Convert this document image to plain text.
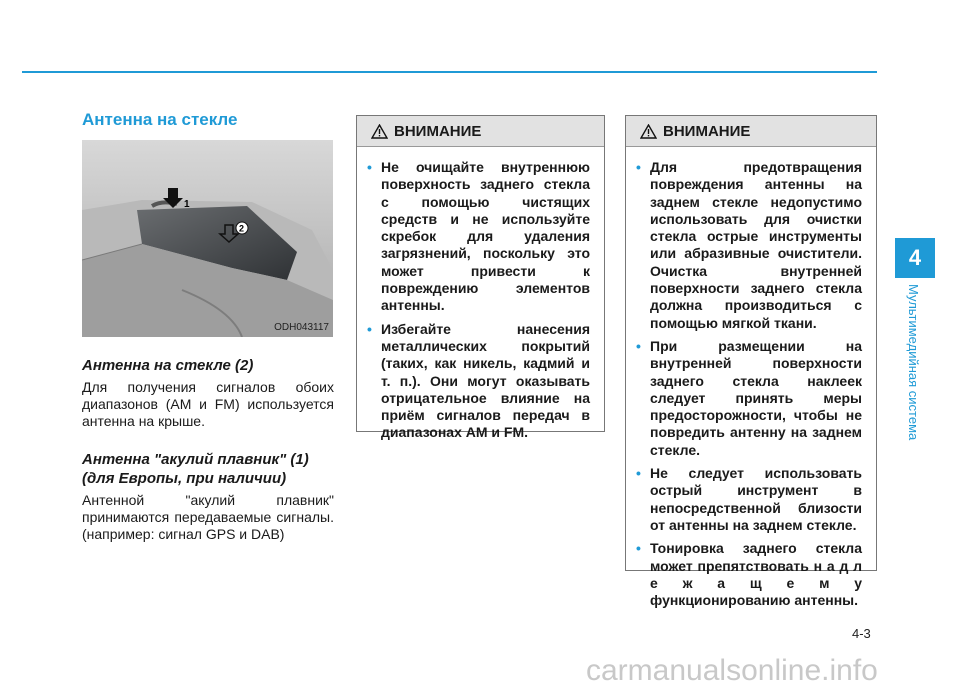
Антенна на стекле
2
1
ODH043117
Антенна на стекле (2)
Для получения сигналов обоих диапазонов (AM и FM) используется антенна на крыше.
Антенна "акулий плавник" (1) (для Европы, при наличии)
Антенной "акулий плавник" принимаются передаваемые сигналы. (например: сигнал GPS и DAB)
ВНИМАНИЕ
• Не очищайте внутреннюю поверхность заднего стекла с помощью чистящих средств и не используйте скребок для удаления загрязнений, поскольку это может привести к повреждению элементов антенны.
• Избегайте нанесения металлических покрытий (таких, как никель, кадмий и т. п.). Они могут оказывать отрицательное влияние на приём сигналов передач в диапазонах AM и FM.
ВНИМАНИЕ
• Для предотвращения повреждения антенны на заднем стекле недопустимо использовать для очистки стекла острые инструменты или абразивные очистители. Очистка внутренней поверхности заднего стекла должна производиться с помощью мягкой ткани.
• При размещении на внутренней поверхности заднего стекла наклеек следует принять меры предосторожности, чтобы не повредить антенну на заднем стекле.
• Не следует использовать острый инструмент в непосредственной близости от антенны на заднем стекле.
• Тонировка заднего стекла может препятствовать н а д л е ж а щ е м у функционированию антенны.
4
Мультимедийная система
4-3
carmanualsonline.info
